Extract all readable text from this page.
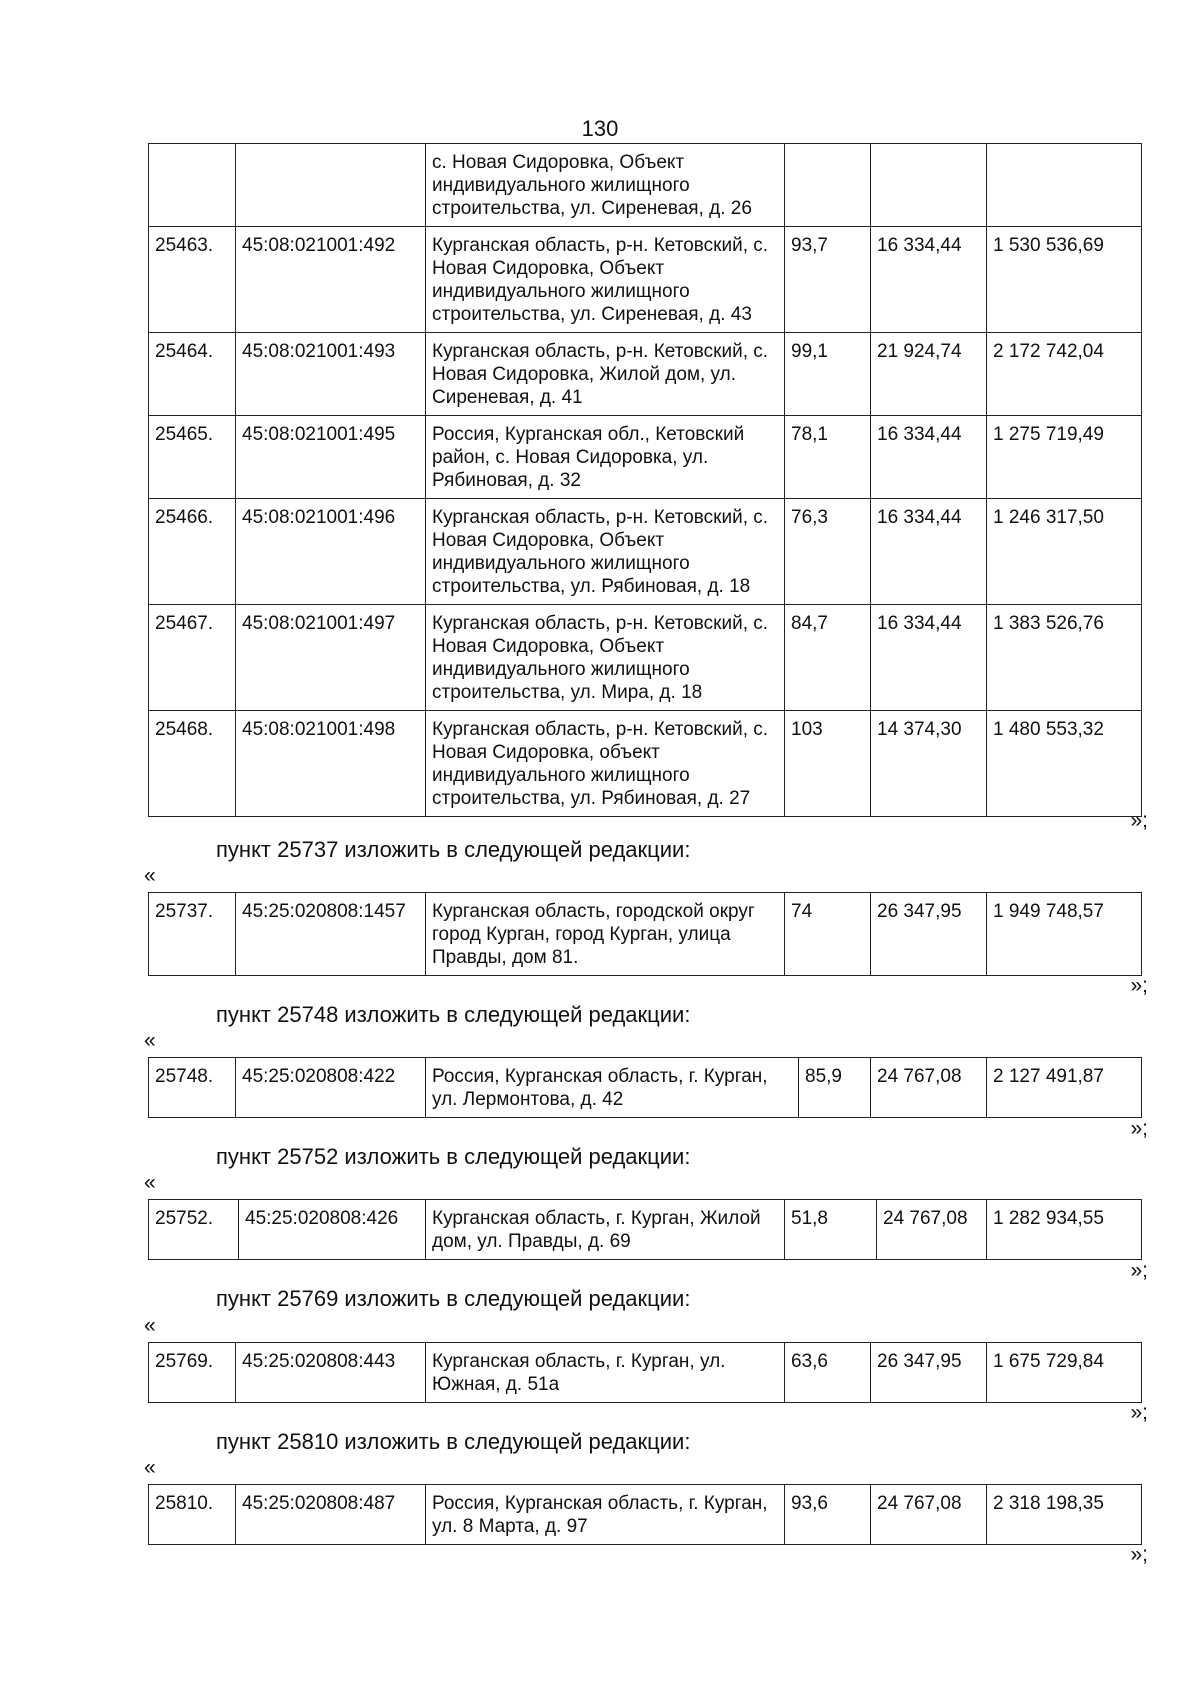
130
		с. Новая Сидоровка, Объект индивидуального жилищного строительства, ул. Сиреневая, д. 26			
25463.	45:08:021001:492	Курганская область, р-н. Кетовский, с. Новая Сидоровка, Объект индивидуального жилищного строительства, ул. Сиреневая, д. 43	93,7	16 334,44	1 530 536,69
25464.	45:08:021001:493	Курганская область, р-н. Кетовский, с. Новая Сидоровка, Жилой дом, ул. Сиреневая, д. 41	99,1	21 924,74	2 172 742,04
25465.	45:08:021001:495	Россия, Курганская обл., Кетовский район, с. Новая Сидоровка, ул. Рябиновая, д. 32	78,1	16 334,44	1 275 719,49
25466.	45:08:021001:496	Курганская область, р-н. Кетовский, с. Новая Сидоровка, Объект индивидуального жилищного строительства, ул. Рябиновая, д. 18	76,3	16 334,44	1 246 317,50
25467.	45:08:021001:497	Курганская область, р-н. Кетовский, с. Новая Сидоровка, Объект индивидуального жилищного строительства, ул. Мира, д. 18	84,7	16 334,44	1 383 526,76
25468.	45:08:021001:498	Курганская область, р-н. Кетовский, с. Новая Сидоровка, объект индивидуального жилищного строительства, ул. Рябиновая, д. 27	103	14 374,30	1 480 553,32
»;
пункт 25737 изложить в следующей редакции:
«
25737.	45:25:020808:1457	Курганская область, городской округ город Курган, город Курган, улица Правды, дом 81.	74	26 347,95	1 949 748,57
»;
пункт 25748 изложить в следующей редакции:
«
25748.	45:25:020808:422	Россия, Курганская область, г. Курган, ул. Лермонтова, д. 42	85,9	24 767,08	2 127 491,87
»;
пункт 25752 изложить в следующей редакции:
«
25752.	45:25:020808:426	Курганская область, г. Курган, Жилой дом, ул. Правды, д. 69	51,8	24 767,08	1 282 934,55
»;
пункт 25769 изложить в следующей редакции:
«
25769.	45:25:020808:443	Курганская область, г. Курган, ул. Южная, д. 51а	63,6	26 347,95	1 675 729,84
»;
пункт 25810 изложить в следующей редакции:
«
25810.	45:25:020808:487	Россия, Курганская область, г. Курган, ул. 8 Марта, д. 97	93,6	24 767,08	2 318 198,35
»;
